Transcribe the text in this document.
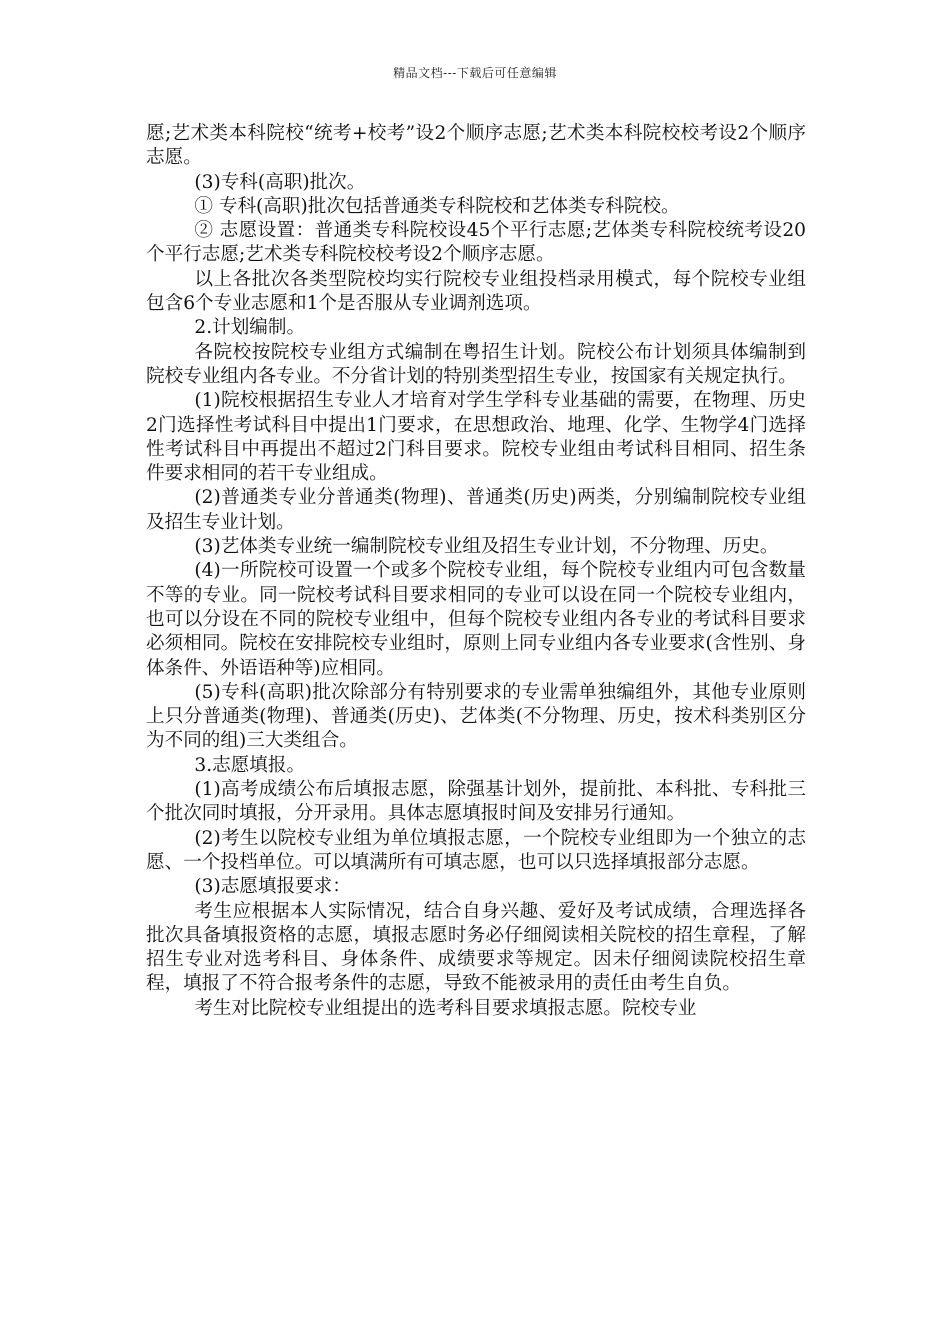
精品文档---下载后可任意编辑

愿;艺术类本科院校“统考+校考”设2个顺序志愿;艺术类本科院校校考设2个顺序志愿。

(3)专科(高职)批次。

① 专科(高职)批次包括普通类专科院校和艺体类专科院校。

② 志愿设置：普通类专科院校设45个平行志愿;艺体类专科院校统考设20个平行志愿;艺术类专科院校校考设2个顺序志愿。

以上各批次各类型院校均实行院校专业组投档录用模式，每个院校专业组包含6个专业志愿和1个是否服从专业调剂选项。

2.计划编制。

各院校按院校专业组方式编制在粤招生计划。院校公布计划须具体编制到院校专业组内各专业。不分省计划的特别类型招生专业，按国家有关规定执行。

(1)院校根据招生专业人才培育对学生学科专业基础的需要，在物理、历史2门选择性考试科目中提出1门要求，在思想政治、地理、化学、生物学4门选择性考试科目中再提出不超过2门科目要求。院校专业组由考试科目相同、招生条件要求相同的若干专业组成。

(2)普通类专业分普通类(物理)、普通类(历史)两类，分别编制院校专业组及招生专业计划。

(3)艺体类专业统一编制院校专业组及招生专业计划，不分物理、历史。

(4)一所院校可设置一个或多个院校专业组，每个院校专业组内可包含数量不等的专业。同一院校考试科目要求相同的专业可以设在同一个院校专业组内，也可以分设在不同的院校专业组中，但每个院校专业组内各专业的考试科目要求必须相同。院校在安排院校专业组时，原则上同专业组内各专业要求(含性别、身体条件、外语语种等)应相同。

(5)专科(高职)批次除部分有特别要求的专业需单独编组外，其他专业原则上只分普通类(物理)、普通类(历史)、艺体类(不分物理、历史，按术科类别区分为不同的组)三大类组合。

3.志愿填报。

(1)高考成绩公布后填报志愿，除强基计划外，提前批、本科批、专科批三个批次同时填报，分开录用。具体志愿填报时间及安排另行通知。

(2)考生以院校专业组为单位填报志愿，一个院校专业组即为一个独立的志愿、一个投档单位。可以填满所有可填志愿，也可以只选择填报部分志愿。

(3)志愿填报要求：

考生应根据本人实际情况，结合自身兴趣、爱好及考试成绩，合理选择各批次具备填报资格的志愿，填报志愿时务必仔细阅读相关院校的招生章程，了解招生专业对选考科目、身体条件、成绩要求等规定。因未仔细阅读院校招生章程，填报了不符合报考条件的志愿，导致不能被录用的责任由考生自负。

考生对比院校专业组提出的选考科目要求填报志愿。院校专业
